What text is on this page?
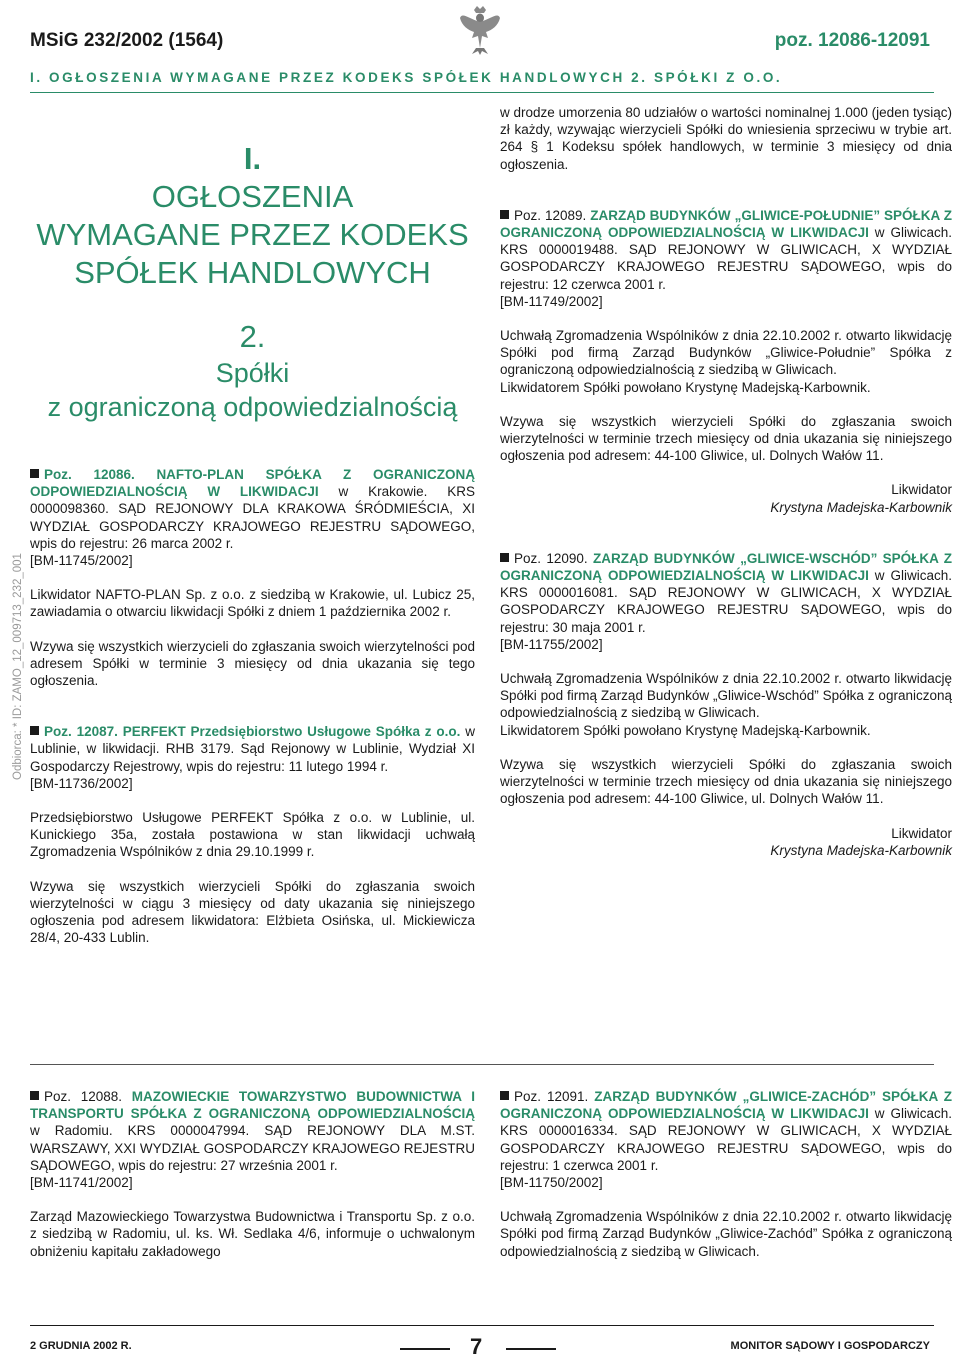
MSiG 232/2002 (1564)	poz. 12086-12091
I. OGŁOSZENIA WYMAGANE PRZEZ KODEKS SPÓŁEK HANDLOWYCH 2. SPÓŁKI Z O.O.
Odbiorca: * ID: ZAMO_12_009713_232_001
I.
OGŁOSZENIA
WYMAGANE PRZEZ KODEKS
SPÓŁEK HANDLOWYCH
2.
Spółki
z ograniczoną odpowiedzialnością

Poz. 12086. NAFTO-PLAN SPÓŁKA Z OGRANICZONĄ ODPOWIEDZIALNOŚCIĄ W LIKWIDACJI w Krakowie. KRS 0000098360. SĄD REJONOWY DLA KRAKOWA ŚRÓDMIEŚCIA, XI WYDZIAŁ GOSPODARCZY KRAJOWEGO REJESTRU SĄDOWEGO, wpis do rejestru: 26 marca 2002 r.

[BM-11745/2002]

Likwidator NAFTO-PLAN Sp. z o.o. z siedzibą w Krakowie, ul. Lubicz 25, zawiadamia o otwarciu likwidacji Spółki z dniem 1 października 2002 r.

Wzywa się wszystkich wierzycieli do zgłaszania swoich wierzytelności pod adresem Spółki w terminie 3 miesięcy od dnia ukazania się tego ogłoszenia.

Poz. 12087. PERFEKT Przedsiębiorstwo Usługowe Spółka z o.o. w Lublinie, w likwidacji. RHB 3179. Sąd Rejonowy w Lublinie, Wydział XI Gospodarczy Rejestrowy, wpis do rejestru: 11 lutego 1994 r.

[BM-11736/2002]

Przedsiębiorstwo Usługowe PERFEKT Spółka z o.o. w Lublinie, ul. Kunickiego 35a, została postawiona w stan likwidacji uchwałą Zgromadzenia Wspólników z dnia 29.10.1999 r.

Wzywa się wszystkich wierzycieli Spółki do zgłaszania swoich wierzytelności w ciągu 3 miesięcy od daty ukazania się niniejszego ogłoszenia pod adresem likwidatora: Elżbieta Osińska, ul. Mickiewicza 28/4, 20-433 Lublin.

w drodze umorzenia 80 udziałów o wartości nominalnej 1.000 (jeden tysiąc) zł każdy, wzywając wierzycieli Spółki do wniesienia sprzeciwu w trybie art. 264 § 1 Kodeksu spółek handlowych, w terminie 3 miesięcy od dnia ogłoszenia.

Poz. 12089. ZARZĄD BUDYNKÓW „GLIWICE-POŁUDNIE” SPÓŁKA Z OGRANICZONĄ ODPOWIEDZIALNOŚCIĄ W LIKWIDACJI w Gliwicach. KRS 0000019488. SĄD REJONOWY W GLIWICACH, X WYDZIAŁ GOSPODARCZY KRAJOWEGO REJESTRU SĄDOWEGO, wpis do rejestru: 12 czerwca 2001 r.

[BM-11749/2002]

Uchwałą Zgromadzenia Wspólników z dnia 22.10.2002 r. otwarto likwidację Spółki pod firmą Zarząd Budynków „Gliwice-Południe” Spółka z ograniczoną odpowiedzialnością z siedzibą w Gliwicach.

Likwidatorem Spółki powołano Krystynę Madejską-Karbownik.

Wzywa się wszystkich wierzycieli Spółki do zgłaszania swoich wierzytelności w terminie trzech miesięcy od dnia ukazania się niniejszego ogłoszenia pod adresem: 44-100 Gliwice, ul. Dolnych Wałów 11.

Likwidator

Krystyna Madejska-Karbownik

Poz. 12090. ZARZĄD BUDYNKÓW „GLIWICE-WSCHÓD” SPÓŁKA Z OGRANICZONĄ ODPOWIEDZIALNOŚCIĄ W LIKWIDACJI w Gliwicach. KRS 0000016081. SĄD REJONOWY W GLIWICACH, X WYDZIAŁ GOSPODARCZY KRAJOWEGO REJESTRU SĄDOWEGO, wpis do rejestru: 30 maja 2001 r.

[BM-11755/2002]

Uchwałą Zgromadzenia Wspólników z dnia 22.10.2002 r. otwarto likwidację Spółki pod firmą Zarząd Budynków „Gliwice-Wschód” Spółka z ograniczoną odpowiedzialnością z siedzibą w Gliwicach.

Likwidatorem Spółki powołano Krystynę Madejską-Karbownik.

Wzywa się wszystkich wierzycieli Spółki do zgłaszania swoich wierzytelności w terminie trzech miesięcy od dnia ukazania się niniejszego ogłoszenia pod adresem: 44-100 Gliwice, ul. Dolnych Wałów 11.

Likwidator

Krystyna Madejska-Karbownik

Poz. 12088. MAZOWIECKIE TOWARZYSTWO BUDOWNICTWA I TRANSPORTU SPÓŁKA Z OGRANICZONĄ ODPOWIEDZIALNOŚCIĄ w Radomiu. KRS 0000047994. SĄD REJONOWY DLA M.ST. WARSZAWY, XXI WYDZIAŁ GOSPODARCZY KRAJOWEGO REJESTRU SĄDOWEGO, wpis do rejestru: 27 września 2001 r.

[BM-11741/2002]

Zarząd Mazowieckiego Towarzystwa Budownictwa i Transportu Sp. z o.o. z siedzibą w Radomiu, ul. ks. Wł. Sedlaka 4/6, informuje o uchwalonym obniżeniu kapitału zakładowego

Poz. 12091. ZARZĄD BUDYNKÓW „GLIWICE-ZACHÓD” SPÓŁKA Z OGRANICZONĄ ODPOWIEDZIALNOŚCIĄ W LIKWIDACJI w Gliwicach. KRS 0000016334. SĄD REJONOWY W GLIWICACH, X WYDZIAŁ GOSPODARCZY KRAJOWEGO REJESTRU SĄDOWEGO, wpis do rejestru: 1 czerwca 2001 r.

[BM-11750/2002]

Uchwałą Zgromadzenia Wspólników z dnia 22.10.2002 r. otwarto likwidację Spółki pod firmą Zarząd Budynków „Gliwice-Zachód” Spółka z ograniczoną odpowiedzialnością z siedzibą w Gliwicach.

2 GRUDNIA 2002 R.	7	MONITOR SĄDOWY I GOSPODARCZY
